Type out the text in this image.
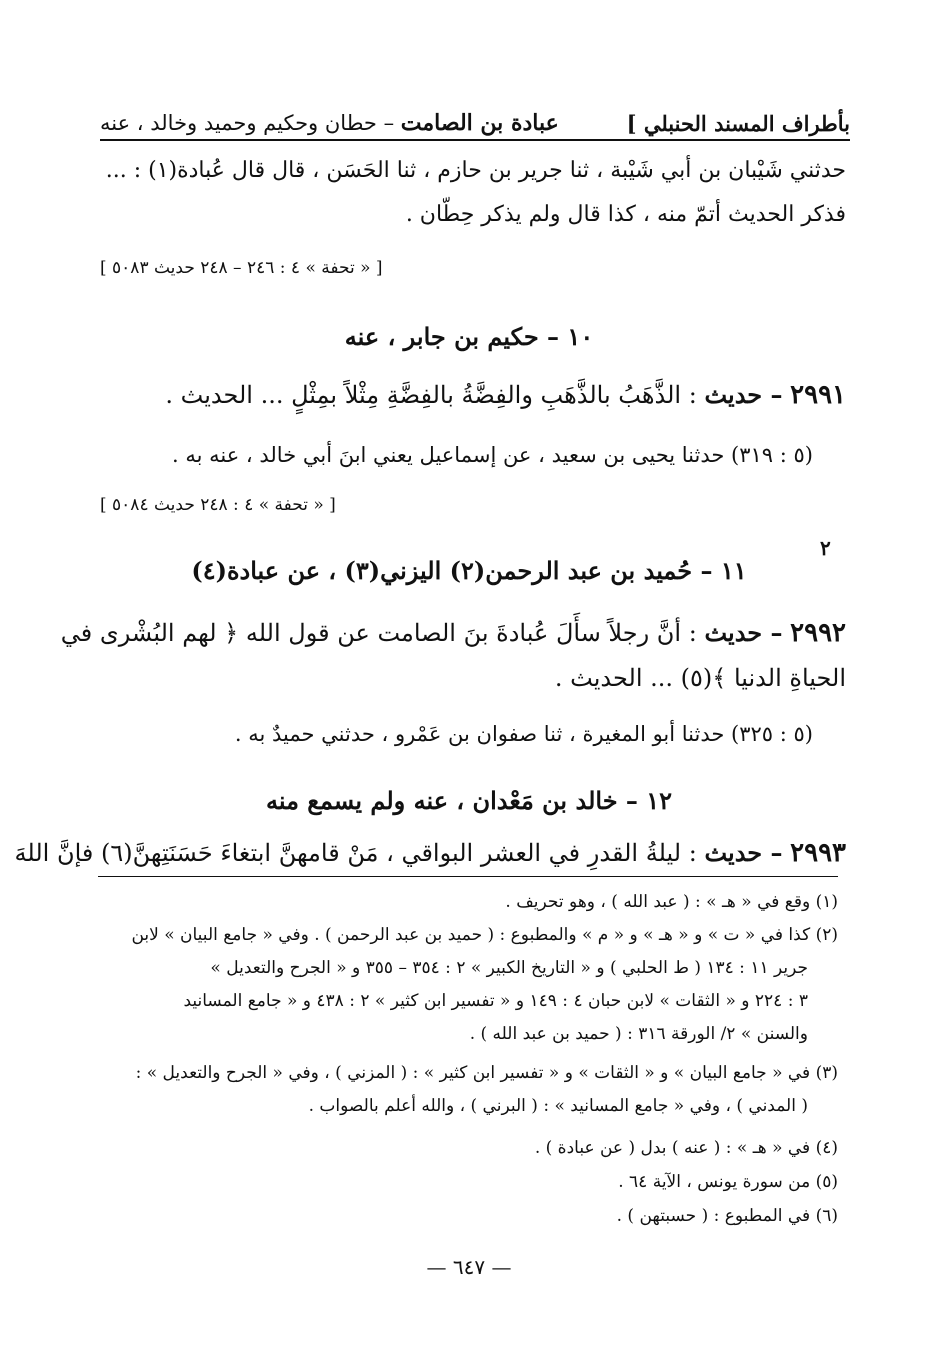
بأطراف المسند الحنبلي ]
عبادة بن الصامت – حطان وحكيم وحميد وخالد ، عنه
حدثني شَيْبان بن أبي شَيْبة ، ثنا جرير بن حازم ، ثنا الحَسَن ، قال قال عُبادة(١) : ...
فذكر الحديث أتمّ منه ، كذا قال ولم يذكر حِطّان .
[ « تحفة » ٤ : ٢٤٦ – ٢٤٨ حديث ٥٠٨٣ ]
١٠ – حكيم بن جابر ، عنه
٢٩٩١ – حديث : الذَّهَبُ بالذَّهَبِ والفِضَّةُ بالفِضَّةِ مِثْلاً بمِثْلٍ ... الحديث .
(٥ : ٣١٩) حدثنا يحيى بن سعيد ، عن إسماعيل يعني ابنَ أبي خالد ، عنه به .
[ « تحفة » ٤ : ٢٤٨ حديث ٥٠٨٤ ]
٢
١١ – حُميد بن عبد الرحمن(٢) اليزني(٣) ، عن عبادة(٤)
٢٩٩٢ – حديث : أنَّ رجلاً سأَلَ عُبادةَ بنَ الصامت عن قول الله ﴿ لهم البُشْرى في
الحياةِ الدنيا ﴾(٥) ... الحديث .
(٥ : ٣٢٥) حدثنا أبو المغيرة ، ثنا صفوان بن عَمْرو ، حدثني حميدٌ به .
١٢ – خالد بن مَعْدان ، عنه ولم يسمع منه
٢٩٩٣ – حديث : ليلةُ القدرِ في العشر البواقي ، مَنْ قامهنَّ ابتغاءَ حَسَنَتِهنَّ(٦) فإنَّ اللهَ
(١) وقع في « هـ » : ( عبد الله ) ، وهو تحريف .
(٢) كذا في « ت » و « هـ » و « م » والمطبوع : ( حميد بن عبد الرحمن ) . وفي « جامع البيان » لابن
جرير ١١ : ١٣٤ ( ط الحلبي ) و « التاريخ الكبير » ٢ : ٣٥٤ – ٣٥٥ و « الجرح والتعديل »
٣ : ٢٢٤ و « الثقات » لابن حبان ٤ : ١٤٩ و « تفسير ابن كثير » ٢ : ٤٣٨ و « جامع المسانيد
والسنن » ٢/ الورقة ٣١٦ : ( حميد بن عبد الله ) .
(٣) في « جامع البيان » و « الثقات » و « تفسير ابن كثير » : ( المزني ) ، وفي « الجرح والتعديل » :
( المدني ) ، وفي « جامع المسانيد » : ( البرني ) ، والله أعلم بالصواب .
(٤) في « هـ » : ( عنه ) بدل ( عن عبادة ) .
(٥) من سورة يونس ، الآية ٦٤ .
(٦) في المطبوع : ( حسبتهن ) .
— ٦٤٧ —
